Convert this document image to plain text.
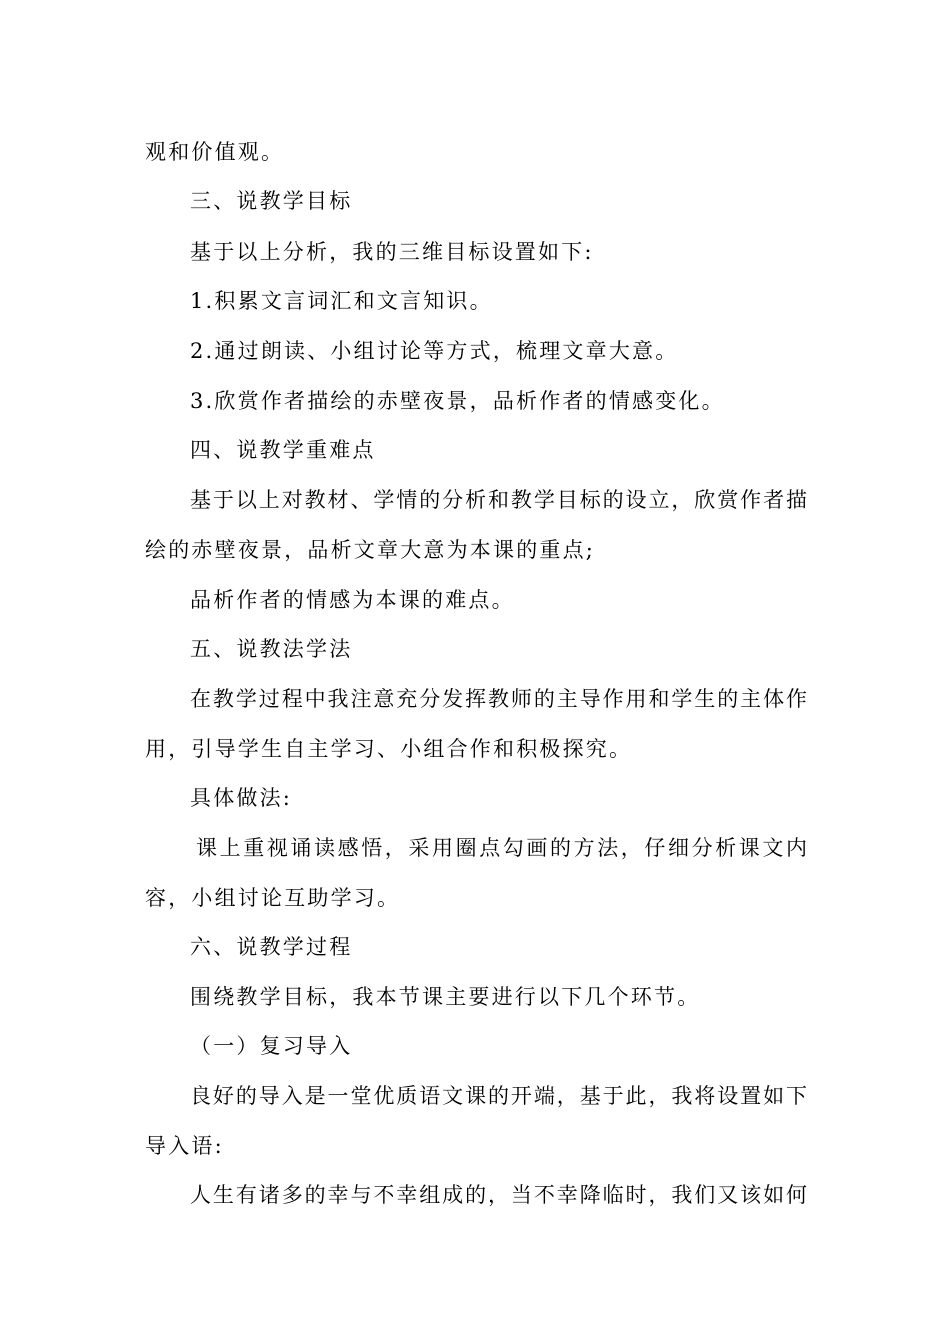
观和价值观。
三、说教学目标
基于以上分析，我的三维目标设置如下:
1.积累文言词汇和文言知识。
2.通过朗读、小组讨论等方式，梳理文章大意。
3.欣赏作者描绘的赤壁夜景，品析作者的情感变化。
四、说教学重难点
基于以上对教材、学情的分析和教学目标的设立，欣赏作者描
绘的赤壁夜景，品析文章大意为本课的重点;
品析作者的情感为本课的难点。
五、说教法学法
在教学过程中我注意充分发挥教师的主导作用和学生的主体作
用，引导学生自主学习、小组合作和积极探究。
具体做法:
课上重视诵读感悟，采用圈点勾画的方法，仔细分析课文内
容，小组讨论互助学习。
六、说教学过程
围绕教学目标，我本节课主要进行以下几个环节。
（一）复习导入
良好的导入是一堂优质语文课的开端，基于此，我将设置如下
导入语:
人生有诸多的幸与不幸组成的，当不幸降临时，我们又该如何
